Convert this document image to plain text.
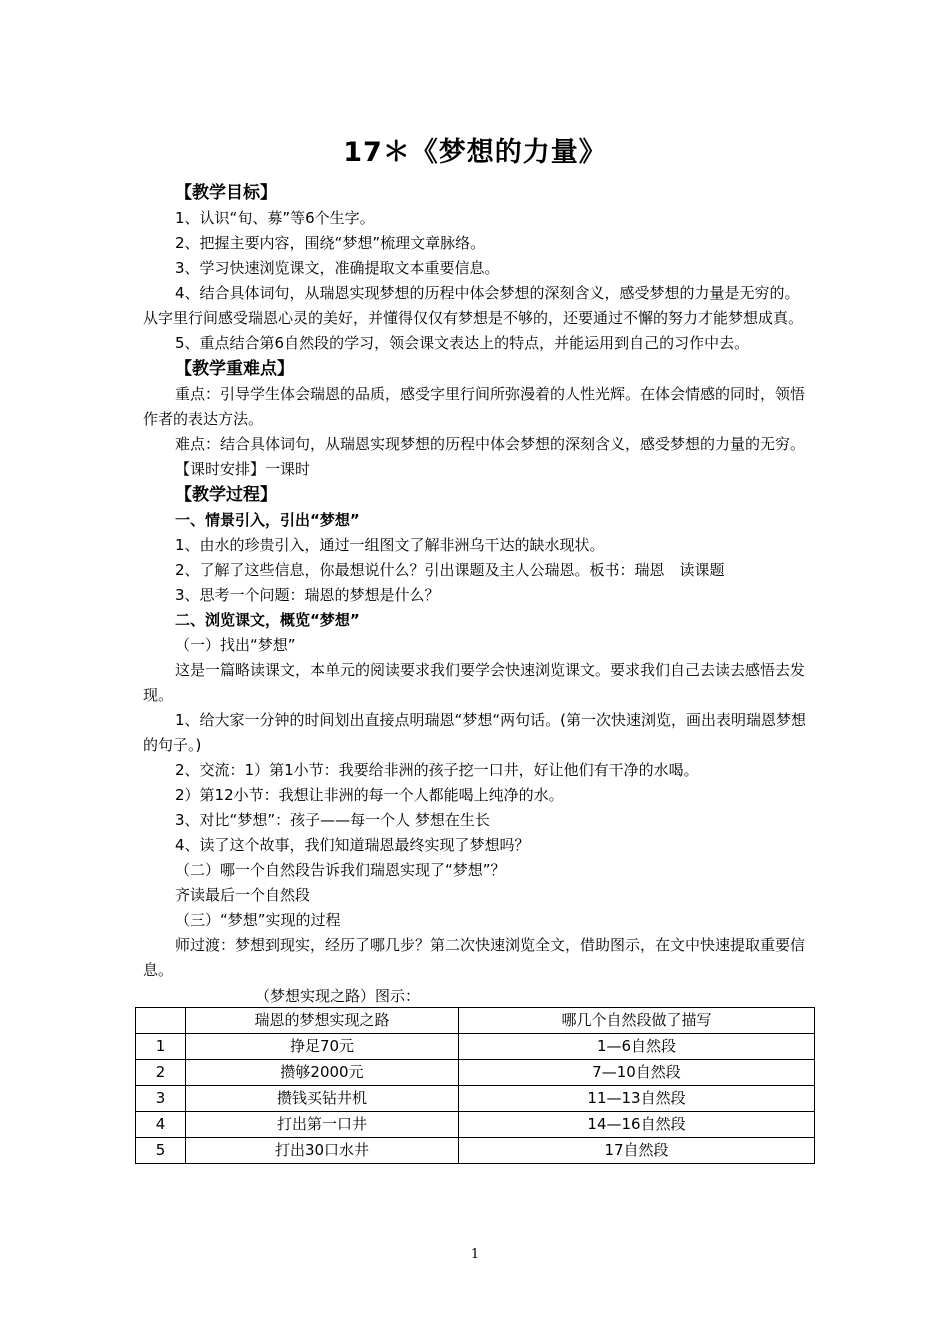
17＊《梦想的力量》

【教学目标】

1、认识“旬、募”等6个生字。

2、把握主要内容，围绕“梦想”梳理文章脉络。

3、学习快速浏览课文，准确提取文本重要信息。

4、结合具体词句，从瑞恩实现梦想的历程中体会梦想的深刻含义，感受梦想的力量是无穷的。从字里行间感受瑞恩心灵的美好，并懂得仅仅有梦想是不够的，还要通过不懈的努力才能梦想成真。

5、重点结合第6自然段的学习，领会课文表达上的特点，并能运用到自己的习作中去。

【教学重难点】

重点：引导学生体会瑞恩的品质，感受字里行间所弥漫着的人性光辉。在体会情感的同时，领悟作者的表达方法。

难点：结合具体词句，从瑞恩实现梦想的历程中体会梦想的深刻含义，感受梦想的力量的无穷。

【课时安排】一课时

【教学过程】

一、情景引入，引出“梦想”

1、由水的珍贵引入，通过一组图文了解非洲乌干达的缺水现状。

2、了解了这些信息，你最想说什么？引出课题及主人公瑞恩。板书：瑞恩　读课题

3、思考一个问题：瑞恩的梦想是什么？

二、浏览课文，概览“梦想”

（一）找出“梦想”

这是一篇略读课文，本单元的阅读要求我们要学会快速浏览课文。要求我们自己去读去感悟去发现。

1、给大家一分钟的时间划出直接点明瑞恩“梦想“两句话。(第一次快速浏览，画出表明瑞恩梦想的句子。)

2、交流：1）第1小节：我要给非洲的孩子挖一口井，好让他们有干净的水喝。

2）第12小节：我想让非洲的每一个人都能喝上纯净的水。

3、对比“梦想”：孩子——每一个人 梦想在生长

4、读了这个故事，我们知道瑞恩最终实现了梦想吗？

（二）哪一个自然段告诉我们瑞恩实现了“梦想”？

齐读最后一个自然段

（三）“梦想”实现的过程

师过渡：梦想到现实，经历了哪几步？第二次快速浏览全文，借助图示，在文中快速提取重要信息。

（梦想实现之路）图示：

	瑞恩的梦想实现之路	哪几个自然段做了描写
1	挣足70元	1—6自然段
2	攒够2000元	7—10自然段
3	攒钱买钻井机	11—13自然段
4	打出第一口井	14—16自然段
5	打出30口水井	17自然段
1
